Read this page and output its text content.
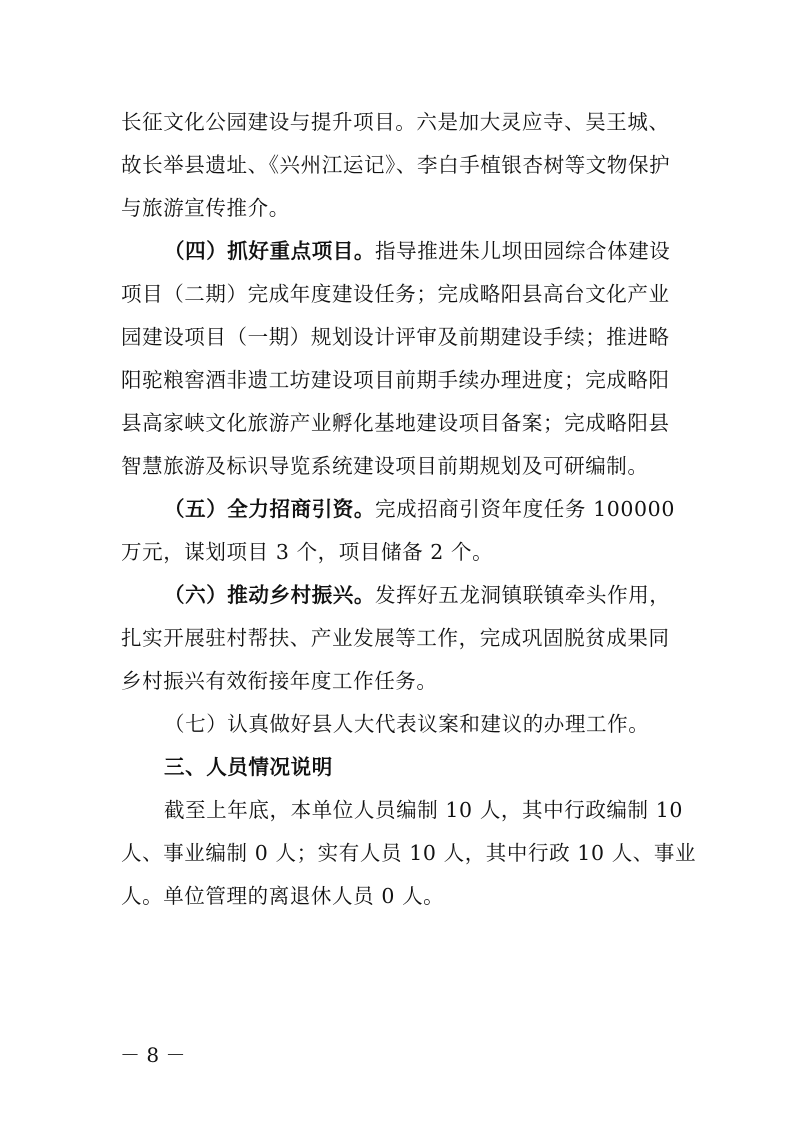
长征文化公园建设与提升项目。六是加大灵应寺、吴王城、
故长举县遗址、《兴州江运记》、李白手植银杏树等文物保护
与旅游宣传推介。
（四）抓好重点项目。指导推进朱儿坝田园综合体建设
项目（二期）完成年度建设任务；完成略阳县高台文化产业
园建设项目（一期）规划设计评审及前期建设手续；推进略
阳驼粮窖酒非遗工坊建设项目前期手续办理进度；完成略阳
县高家峡文化旅游产业孵化基地建设项目备案；完成略阳县
智慧旅游及标识导览系统建设项目前期规划及可研编制。
（五）全力招商引资。完成招商引资年度任务 100000
万元，谋划项目 3 个，项目储备 2 个。
（六）推动乡村振兴。发挥好五龙洞镇联镇牵头作用，
扎实开展驻村帮扶、产业发展等工作，完成巩固脱贫成果同
乡村振兴有效衔接年度工作任务。
（七）认真做好县人大代表议案和建议的办理工作。
三、人员情况说明
截至上年底，本单位人员编制 10 人，其中行政编制 10
人、事业编制 0 人；实有人员 10 人，其中行政 10 人、事业
人。单位管理的离退休人员 0 人。
－ 8 －
